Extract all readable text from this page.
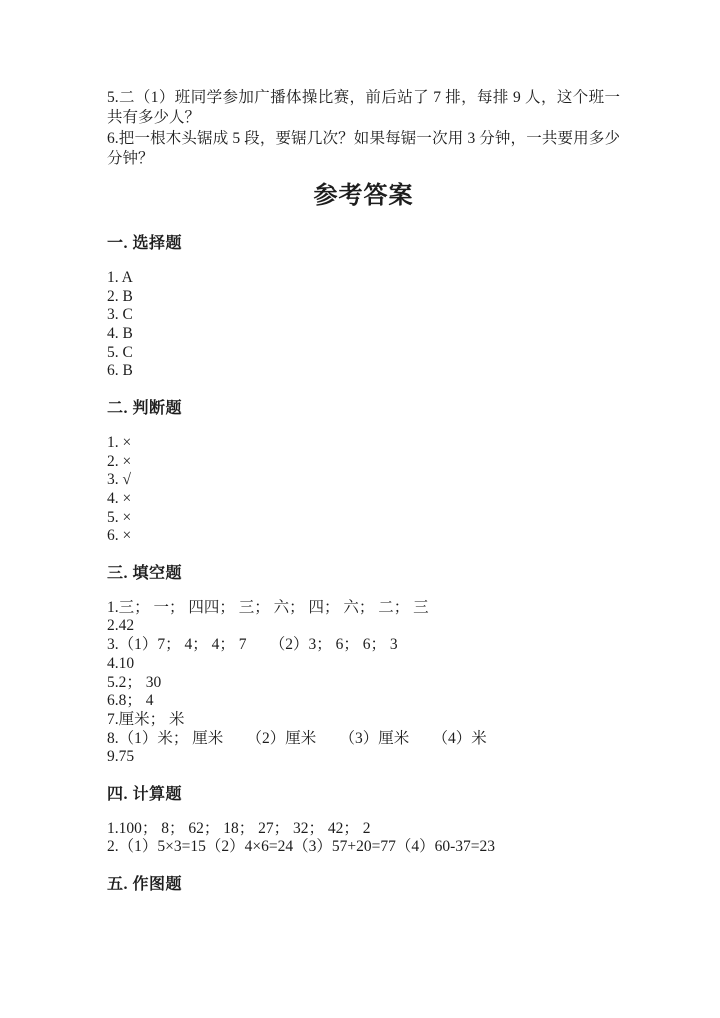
5.二（1）班同学参加广播体操比赛，前后站了 7 排，每排 9 人，这个班一共有多少人？

6.把一根木头锯成 5 段，要锯几次？如果每锯一次用 3 分钟，一共要用多少分钟？

参考答案
一. 选择题
1. A
2. B
3. C
4. B
5. C
6. B
二. 判断题
1. ×
2. ×
3. √
4. ×
5. ×
6. ×
三. 填空题
1.三； 一； 四四； 三； 六； 四； 六； 二； 三
2.42
3.（1）7； 4； 4； 7　　（2）3； 6； 6； 3
4.10
5.2； 30
6.8； 4
7.厘米； 米
8.（1）米； 厘米　　（2）厘米　　（3）厘米　　（4）米
9.75
四. 计算题
1.100； 8； 62； 18； 27； 32； 42； 2
2.（1）5×3=15（2）4×6=24（3）57+20=77（4）60-37=23
五. 作图题
